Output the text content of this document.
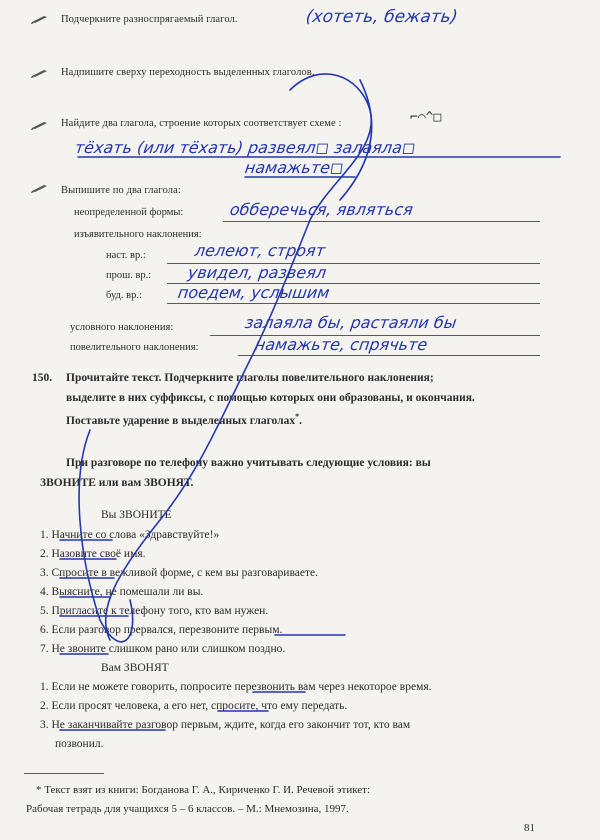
Подчеркните разноспрягаемый глагол.	(хотеть, бежать)
Надпишите сверху переходность выделенных глаголов.
Найдите два глагола, строение которых соответствует схеме :	⌐⌒^□
тёхать (или тёхать) развеял◻ залаяла◻
намажьте◻
Выпишите по два глагола:
неопределенной формы:	обберечься, являться
изъявительного наклонения:
наст. вр.:	лелеют, строят
прош. вр.: увидел, развеял
буд. вр.: поедем, услышим
условного наклонения:	залаяла бы, растаяли бы
повелительного наклонения:	намажьте, спрячьте
150. Прочитайте текст. Подчеркните глаголы повелительного наклонения;
выделите в них суффиксы, с помощью которых они образованы, и окончания.
Поставьте ударение в выделенных глаголах*.
При разговоре по телефону важно учитывать следующие условия: вы
ЗВОНИТЕ или вам ЗВОНЯТ.
Вы ЗВОНИТЕ
1. Начните со слова «Здравствуйте!»
2. Назовите своё имя.
3. Спросите в вежливой форме, с кем вы разговариваете.
4. Выясните, не помешали ли вы.
5. Пригласите к телефону того, кто вам нужен.
6. Если разговор прервался, перезвоните первым.
7. Не звоните слишком рано или слишком поздно.
Вам ЗВОНЯТ
1. Если не можете говорить, попросите перезвонить вам через некоторое время.
2. Если просят человека, а его нет, спросите, что ему передать.
3. Не заканчивайте разговор первым, ждите, когда его закончит тот, кто вам
позвонил.
* Текст взят из книги: Богданова Г. А., Кириченко Г. И. Речевой этикет:
Рабочая тетрадь для учащихся 5 – 6 классов. – М.: Мнемозина, 1997.
81
